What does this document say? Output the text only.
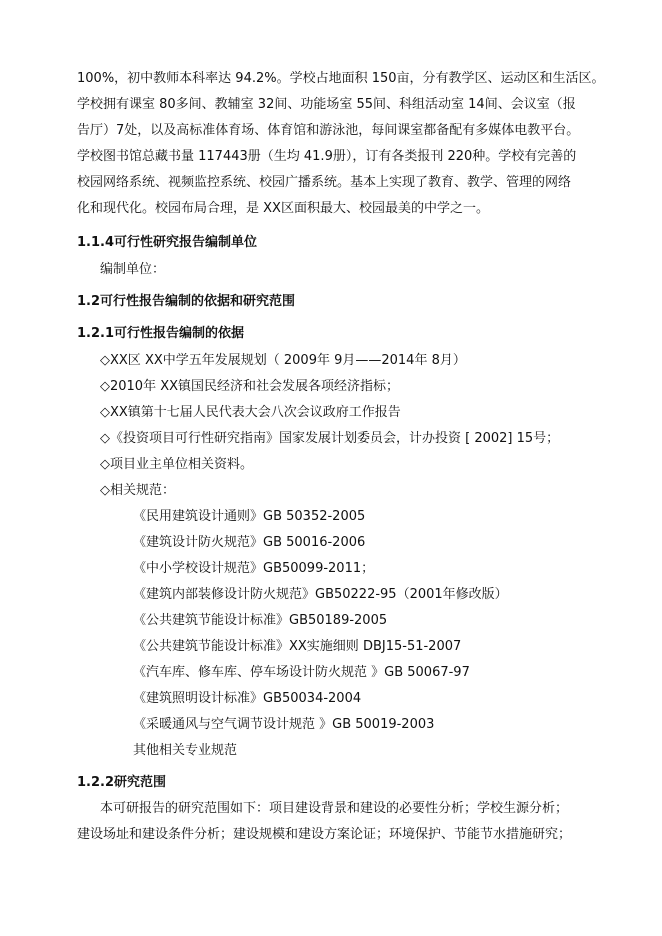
100%，初中教师本科率达 94.2%。学校占地面积 150亩，分有教学区、运动区和生活区。
学校拥有课室 80多间、教辅室 32间、功能场室 55间、科组活动室 14间、会议室（报
告厅）7处，以及高标准体育场、体育馆和游泳池，每间课室都备配有多媒体电教平台。
学校图书馆总藏书量 117443册（生均 41.9册），订有各类报刊 220种。学校有完善的
校园网络系统、视频监控系统、校园广播系统。基本上实现了教育、教学、管理的网络
化和现代化。校园布局合理，是 XX区面积最大、校园最美的中学之一。
1.1.4可行性研究报告编制单位
编制单位：
1.2可行性报告编制的依据和研究范围
1.2.1可行性报告编制的依据
◇XX区 XX中学五年发展规划（ 2009年 9月——2014年 8月）
◇2010年 XX镇国民经济和社会发展各项经济指标；
◇XX镇第十七届人民代表大会八次会议政府工作报告
◇《投资项目可行性研究指南》国家发展计划委员会，计办投资 [ 2002] 15号；
◇项目业主单位相关资料。
◇相关规范：
《民用建筑设计通则》GB 50352-2005
《建筑设计防火规范》GB 50016-2006
《中小学校设计规范》GB50099-2011；
《建筑内部装修设计防火规范》GB50222-95（2001年修改版）
《公共建筑节能设计标准》GB50189-2005
《公共建筑节能设计标准》XX实施细则 DBJ15-51-2007
《汽车库、修车库、停车场设计防火规范 》GB 50067-97
《建筑照明设计标准》GB50034-2004
《采暖通风与空气调节设计规范 》GB 50019-2003
其他相关专业规范
1.2.2研究范围
本可研报告的研究范围如下：项目建设背景和建设的必要性分析；学校生源分析；
建设场址和建设条件分析；建设规模和建设方案论证；环境保护、节能节水措施研究；
